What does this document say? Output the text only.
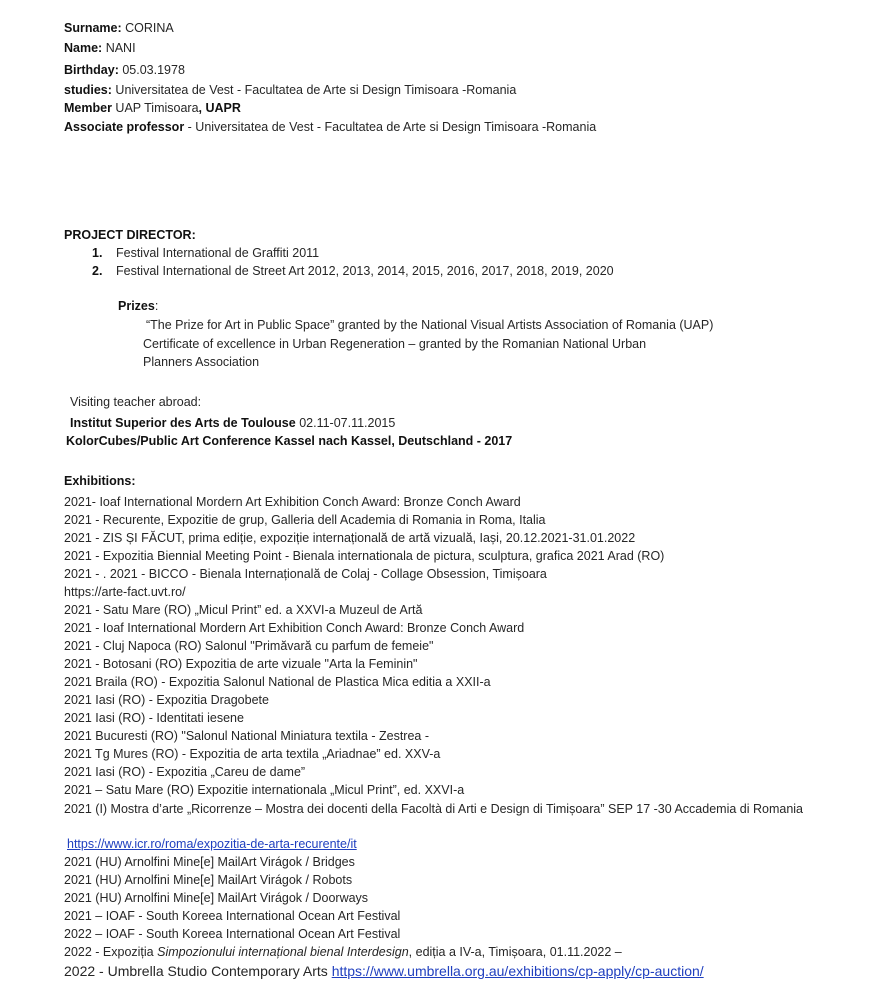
Surname: CORINA
Name: NANI
Birthday: 05.03.1978
studies: Universitatea de Vest - Facultatea de Arte si Design Timisoara -Romania
Member UAP Timisoara, UAPR
Associate professor - Universitatea de Vest - Facultatea de Arte si Design Timisoara -Romania
PROJECT DIRECTOR:
1. Festival International de Graffiti 2011
2. Festival International de Street Art 2012, 2013, 2014, 2015, 2016, 2017, 2018, 2019, 2020
Prizes:
“The Prize for Art in Public Space” granted by the National Visual Artists Association of Romania (UAP)
Certificate of excellence in Urban Regeneration – granted by the Romanian National Urban
Planners Association
Visiting teacher abroad:
Institut Superior des Arts de Toulouse 02.11-07.11.2015
KolorCubes/Public Art Conference Kassel nach Kassel, Deutschland - 2017
Exhibitions:
2021- Ioaf International Mordern Art Exhibition Conch Award: Bronze Conch Award
2021 - Recurente, Expozitie de grup, Galleria dell Academia di Romania in Roma, Italia
2021 - ZIS ȘI FĂCUT, prima ediție, expoziție internațională de artă vizuală, Iași, 20.12.2021-31.01.2022
2021 - Expozitia Biennial Meeting Point - Bienala internationala de pictura, sculptura, grafica 2021 Arad (RO)
2021 - . 2021 - BICCO - Bienala Internațională de Colaj - Collage Obsession, Timișoara
https://arte-fact.uvt.ro/
2021 - Satu Mare (RO) „Micul Print” ed. a XXVI-a Muzeul de Artă
2021 - Ioaf International Mordern Art Exhibition Conch Award: Bronze Conch Award
2021 - Cluj Napoca (RO) Salonul "Primăvară cu parfum de femeie"
2021 - Botosani (RO) Expozitia de arte vizuale "Arta la Feminin"
2021 Braila (RO) - Expozitia Salonul National de Plastica Mica editia a XXII-a
2021 Iasi (RO) - Expozitia Dragobete
2021 Iasi (RO) - Identitati iesene
2021 Bucuresti (RO) "Salonul National Miniatura textila - Zestrea -
2021 Tg Mures (RO) - Expozitia de arta textila „Ariadnae” ed. XXV-a
2021 Iasi (RO) - Expozitia „Careu de dame”
2021 – Satu Mare (RO) Expozitie internationala „Micul Print”, ed. XXVI-a
2021 (I) Mostra d’arte „Ricorrenze – Mostra dei docenti della Facoltà di Arti e Design di Timișoara” SEP 17 -30 Accademia di Romania
https://www.icr.ro/roma/expozitia-de-arta-recurente/it
2021 (HU) Arnolfini Mine[e] MailArt Virágok / Bridges
2021 (HU) Arnolfini Mine[e] MailArt Virágok / Robots
2021 (HU) Arnolfini Mine[e] MailArt Virágok / Doorways
2021 – IOAF - South Koreea International Ocean Art Festival
2022 – IOAF - South Koreea International Ocean Art Festival
2022 - Expoziția Simpozionului internațional bienal Interdesign, ediția a IV-a, Timișoara, 01.11.2022 –
2022 - Umbrella Studio Contemporary Arts https://www.umbrella.org.au/exhibitions/cp-apply/cp-auction/
